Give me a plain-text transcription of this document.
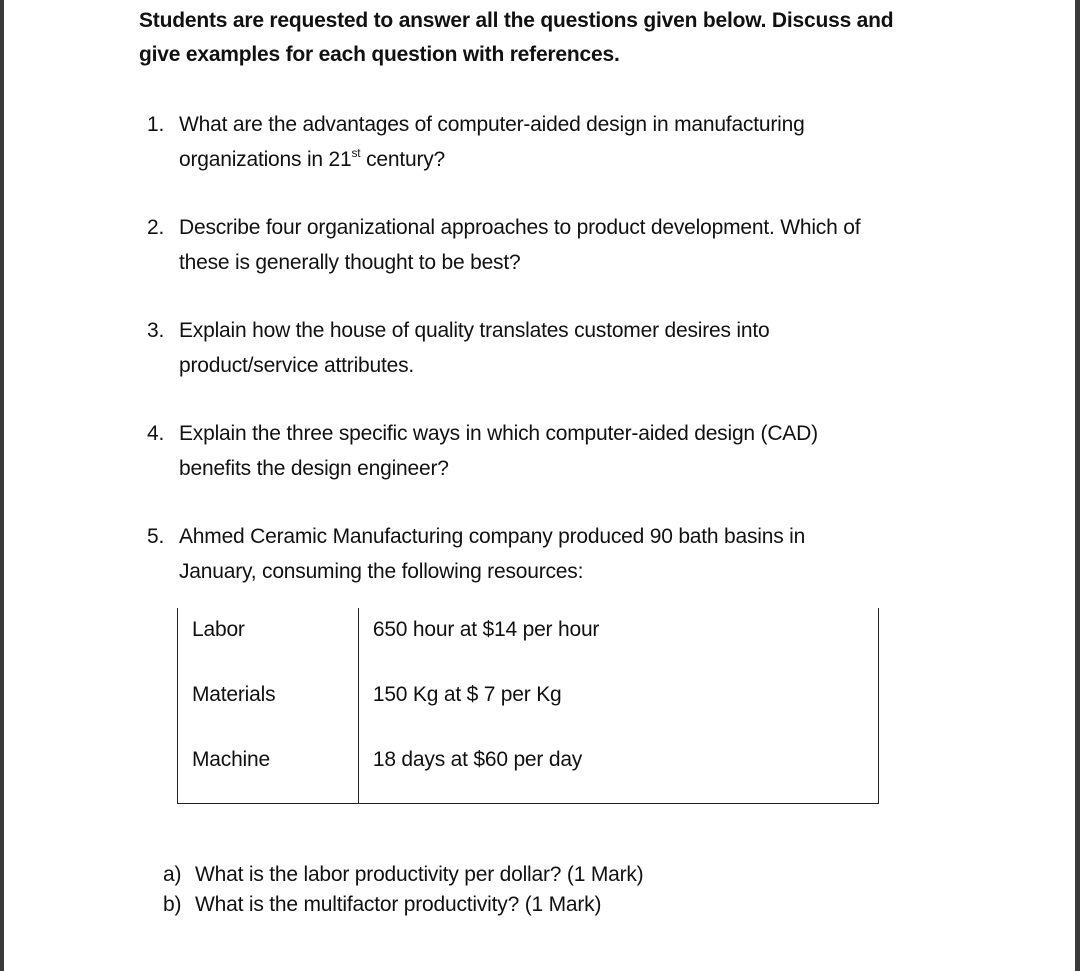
Students are requested to answer all the questions given below. Discuss and
give examples for each question with references.
1. What are the advantages of computer-aided design in manufacturing
organizations in 21st century?
2. Describe four organizational approaches to product development. Which of
these is generally thought to be best?
3. Explain how the house of quality translates customer desires into
product/service attributes.
4. Explain the three specific ways in which computer-aided design (CAD)
benefits the design engineer?
5. Ahmed Ceramic Manufacturing company produced 90 bath basins in
January, consuming the following resources:
Labor	650 hour at $14 per hour
Materials	150 Kg at $ 7 per Kg
Machine	18 days at $60 per day
a) What is the labor productivity per dollar? (1 Mark)
b) What is the multifactor productivity? (1 Mark)
